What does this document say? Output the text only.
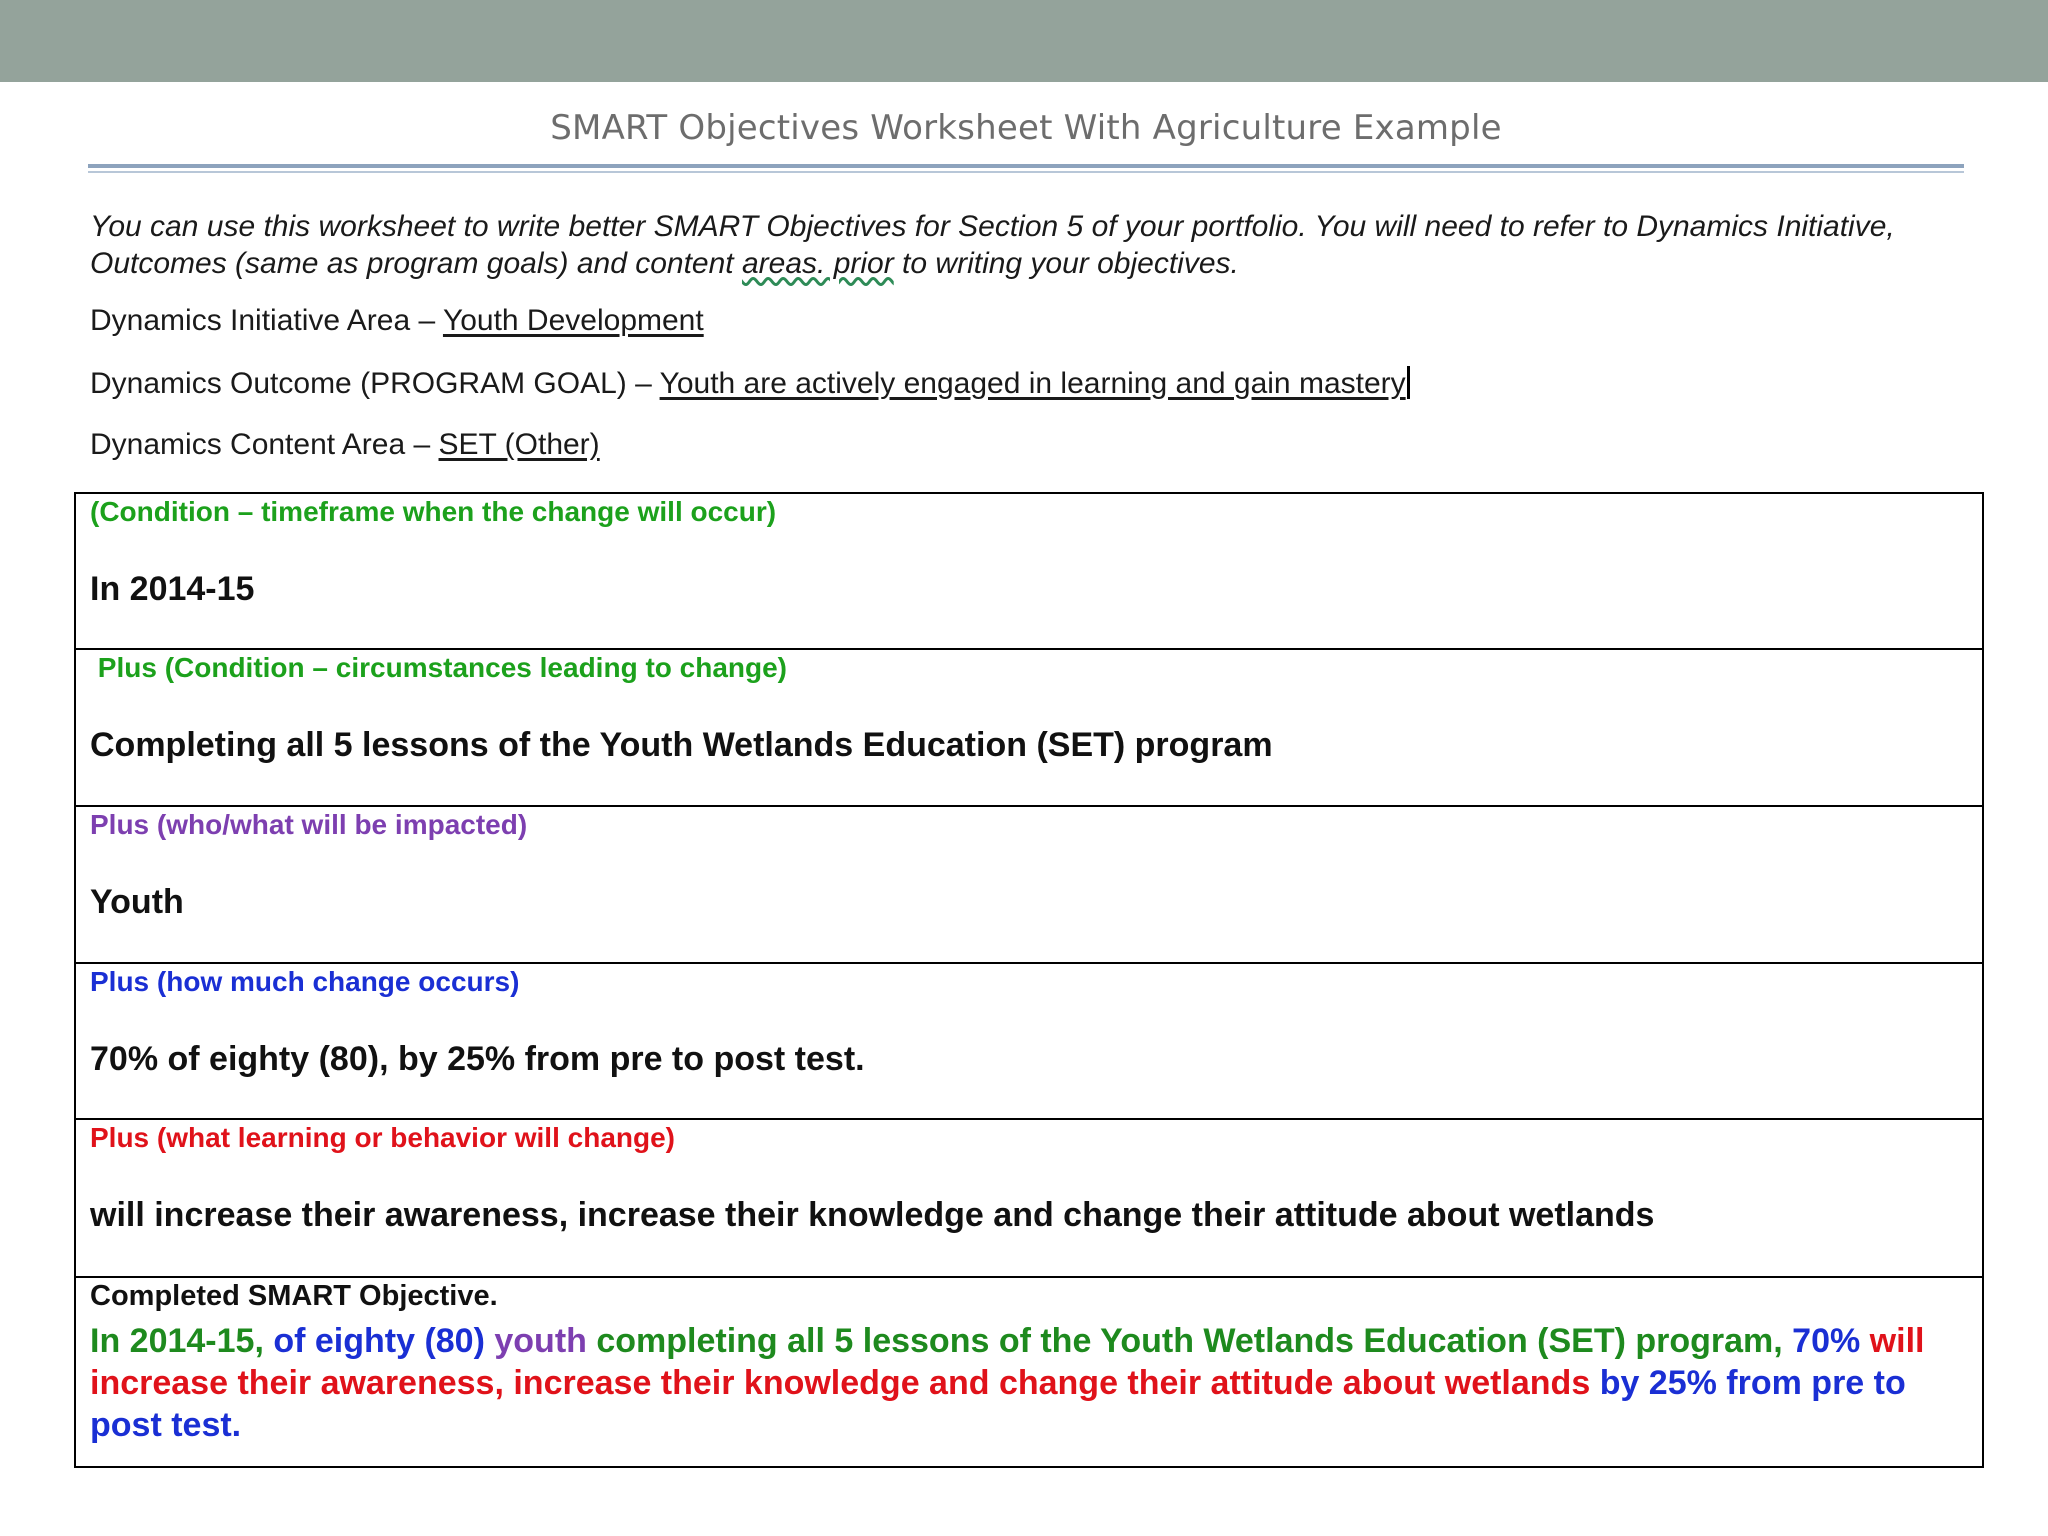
SMART Objectives Worksheet With Agriculture Example
You can use this worksheet to write better SMART Objectives for Section 5 of your portfolio. You will need to refer to Dynamics Initiative, Outcomes (same as program goals) and content areas. prior to writing your objectives.
Dynamics Initiative Area – Youth Development
Dynamics Outcome (PROGRAM GOAL) – Youth are actively engaged in learning and gain mastery
Dynamics Content Area – SET (Other)
(Condition – timeframe when the change will occur)
In 2014-15
Plus (Condition – circumstances leading to change)
Completing all 5 lessons of the Youth Wetlands Education (SET) program
Plus (who/what will be impacted)
Youth
Plus (how much change occurs)
70% of eighty (80), by 25% from pre to post test.
Plus (what learning or behavior will change)
will increase their awareness, increase their knowledge and change their attitude about wetlands
Completed SMART Objective.
In 2014-15, of eighty (80) youth completing all 5 lessons of the Youth Wetlands Education (SET) program, 70% will increase their awareness, increase their knowledge and change their attitude about wetlands by 25% from pre to post test.
